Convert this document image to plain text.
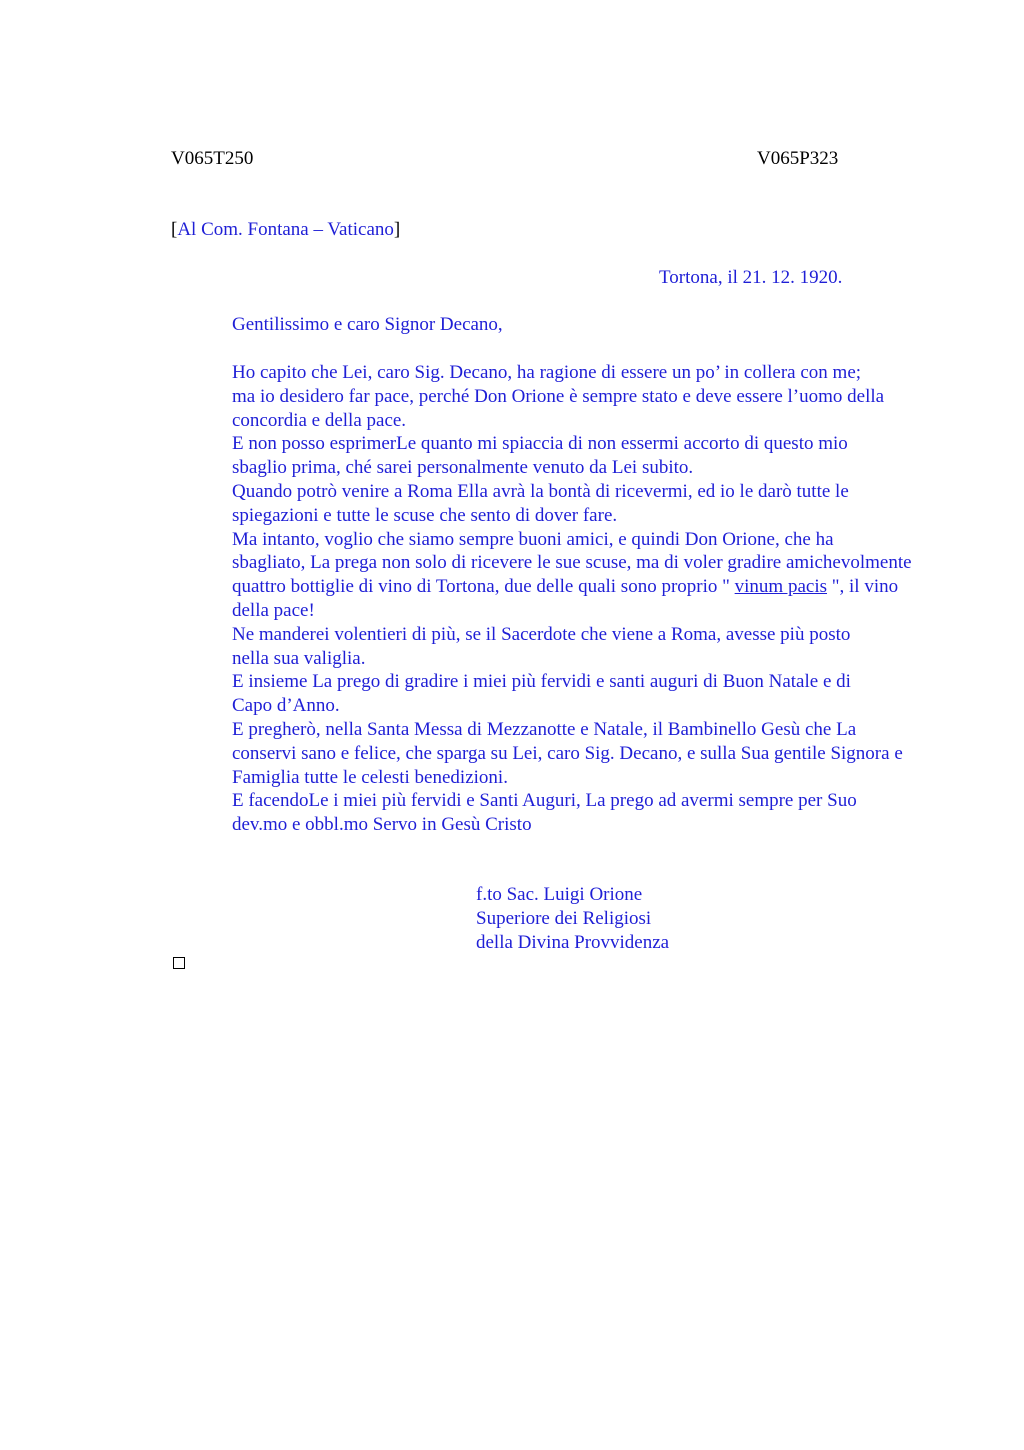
V065T250	V065P323
[Al Com. Fontana – Vaticano]
Tortona, il 21. 12. 1920.
Gentilissimo e caro Signor Decano,

Ho capito che Lei, caro Sig. Decano, ha ragione di essere un po’ in collera con me;
ma io desidero far pace, perché Don Orione è sempre stato e deve essere l’uomo della
concordia e della pace.

E non posso esprimerLe quanto mi spiaccia di non essermi accorto di questo mio
sbaglio prima, ché sarei personalmente venuto da Lei subito.

Quando potrò venire a Roma Ella avrà la bontà di ricevermi, ed io le darò tutte le
spiegazioni e tutte le scuse che sento di dover fare.

Ma intanto, voglio che siamo sempre buoni amici, e quindi Don Orione, che ha
sbagliato, La prega non solo di ricevere le sue scuse, ma di voler gradire amichevolmente
quattro bottiglie di vino di Tortona, due delle quali sono proprio " vinum pacis ", il vino
della pace!

Ne manderei volentieri di più, se il Sacerdote che viene a Roma, avesse più posto
nella sua valiglia.

E insieme La prego di gradire i miei più fervidi e santi auguri di Buon Natale e di
Capo d’Anno.

E pregherò, nella Santa Messa di Mezzanotte e Natale, il Bambinello Gesù che La
conservi sano e felice, che sparga su Lei, caro Sig. Decano, e sulla Sua gentile Signora e
Famiglia tutte le celesti benedizioni.

E facendoLe i miei più fervidi e Santi Auguri, La prego ad avermi sempre per Suo
dev.mo e obbl.mo Servo in Gesù Cristo

f.to Sac. Luigi Orione
Superiore dei Religiosi
della Divina Provvidenza
